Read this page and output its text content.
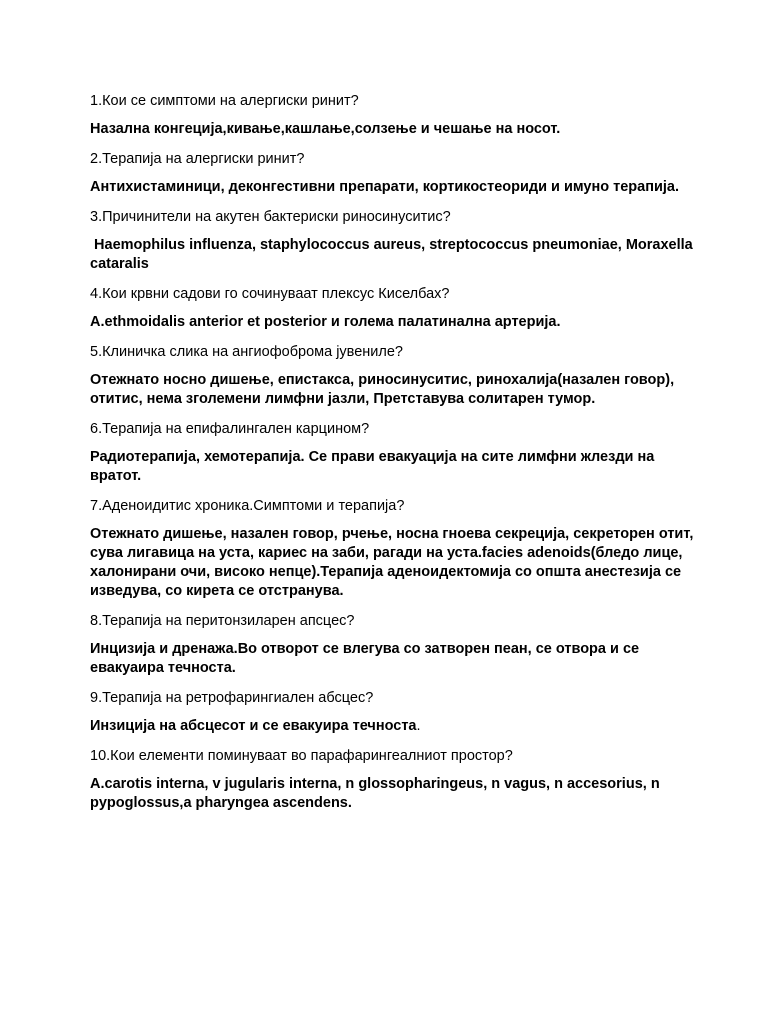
1.Кои се симптоми на алергиски ринит?

Назална конгеција,кивање,кашлање,солзење и чешање на носот.

2.Терапија на алергиски ринит?

Антихистаминици, деконгестивни препарати, кортикостеориди и имуно терапија.

3.Причинители на акутен бактериски риносинуситис?

Haemophilus influenza, staphylococcus aureus, streptococcus pneumoniae, Moraxella cataralis

4.Кои крвни садови го сочинуваат плексус Киселбах?

A.ethmoidalis anterior et posterior и голема палатинална артерија.

5.Клиничка слика на ангиофоброма јувениле?

Отежнато носно дишење, епистакса, риносинуситис, ринохалија(назален говор), отитис, нема зголемени лимфни јазли, Претставува солитарен тумор.

6.Терапија на епифалингален карцином?

Радиотерапија, хемотерапија. Се прави евакуација на сите лимфни жлезди на вратот.

7.Аденоидитис хроника.Симптоми и терапија?

Отежнато дишење, назален говор, рчење, носна гноева секреција, секреторен отит, сува лигавица на уста, кариес на заби, рагади на уста.facies adenoids(бледо лице, халонирани очи, високо непце).Терапија аденоидектомија со општа анестезија се изведува, со кирета се отстранува.

8.Терапија на перитонзиларен апсцес?

Инцизија и дренажа.Во отворот се влегува со затворен пеан, се отвора и се евакуаира течноста.

9.Терапија на ретрофарингиален абсцес?

Инзиција на абсцесот и се евакуира течноста.

10.Кои елементи поминуваат во парафарингеалниот простор?

A.carotis interna, v jugularis interna, n glossopharingeus, n vagus, n accesorius, n pypoglossus,a pharyngea ascendens.
